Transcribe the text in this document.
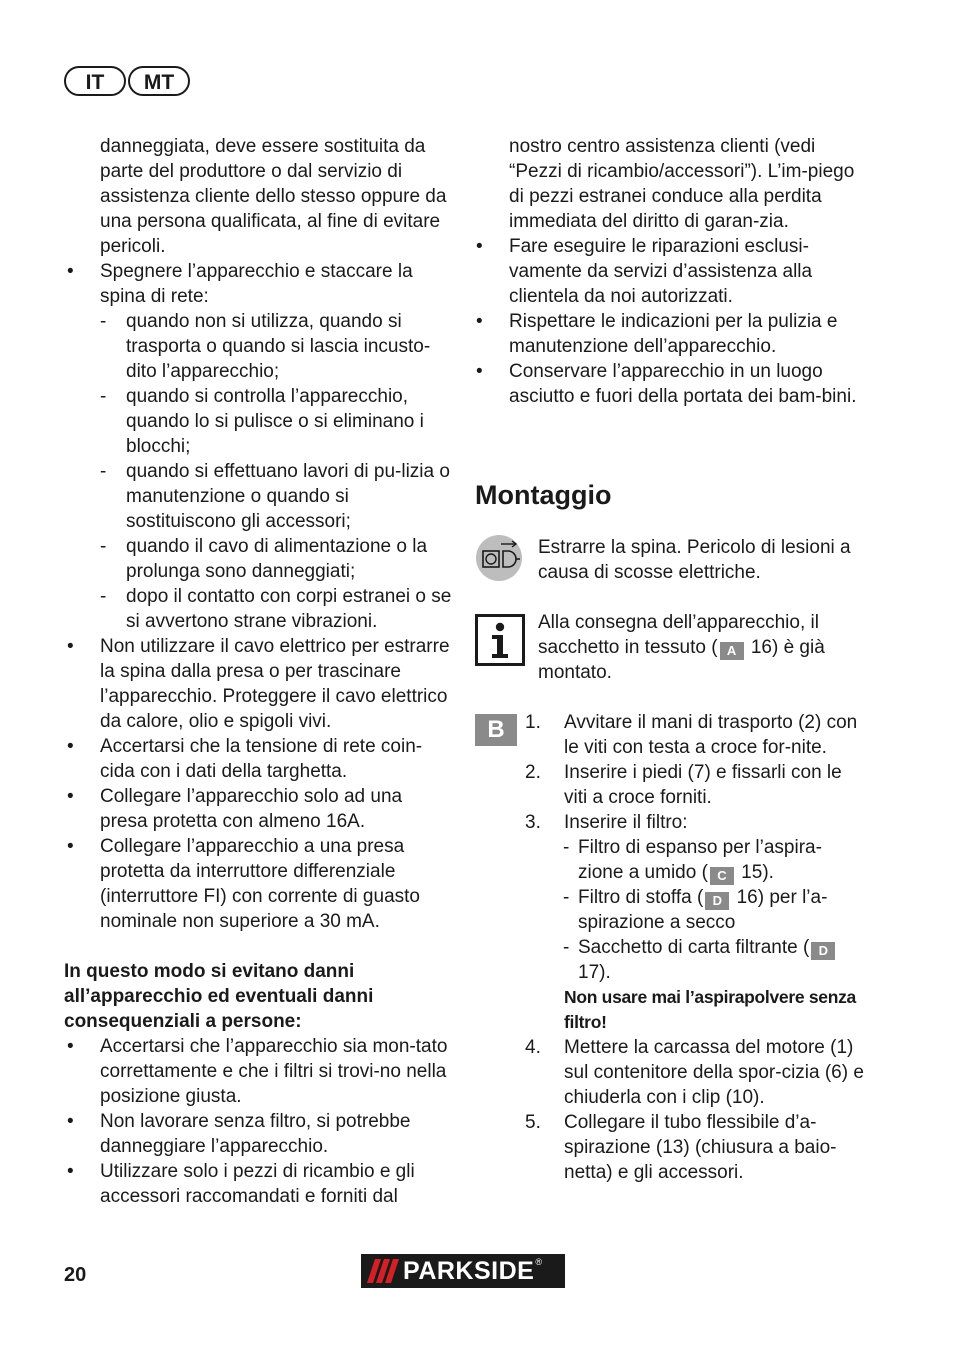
IT	MT

danneggiata, deve essere sostituita da parte del produttore o dal servizio di assistenza cliente dello stesso oppure da una persona qualificata, al fine di evitare pericoli.

• Spegnere l’apparecchio e staccare la spina di rete:

- quando non si utilizza, quando si trasporta o quando si lascia incusto-dito l’apparecchio;

- quando si controlla l’apparecchio, quando lo si pulisce o si eliminano i blocchi;

- quando si effettuano lavori di pu-lizia o manutenzione o quando si sostituiscono gli accessori;

- quando il cavo di alimentazione o la prolunga sono danneggiati;

- dopo il contatto con corpi estranei o se si avvertono strane vibrazioni.

• Non utilizzare il cavo elettrico per estrarre la spina dalla presa o per trascinare l’apparecchio. Proteggere il cavo elettrico da calore, olio e spigoli vivi.

• Accertarsi che la tensione di rete coin-cida con i dati della targhetta.

• Collegare l’apparecchio solo ad una presa protetta con almeno 16A.

• Collegare l’apparecchio a una presa protetta da interruttore differenziale (interruttore FI) con corrente di guasto nominale non superiore a 30 mA.

In questo modo si evitano danni all’apparecchio ed eventuali danni consequenziali a persone:

• Accertarsi che l’apparecchio sia mon-tato correttamente e che i filtri si trovi-no nella posizione giusta.

• Non lavorare senza filtro, si potrebbe danneggiare l’apparecchio.

• Utilizzare solo i pezzi di ricambio e gli accessori raccomandati e forniti dal

nostro centro assistenza clienti (vedi “Pezzi di ricambio/accessori”). L’im-piego di pezzi estranei conduce alla perdita immediata del diritto di garan-zia.

• Fare eseguire le riparazioni esclusi-vamente da servizi d’assistenza alla clientela da noi autorizzati.

• Rispettare le indicazioni per la pulizia e manutenzione dell’apparecchio.

• Conservare l’apparecchio in un luogo asciutto e fuori della portata dei bam-bini.

Montaggio

Estrarre la spina. Pericolo di lesioni a causa di scosse elettriche.

Alla consegna dell’apparecchio, il sacchetto in tessuto ( A 16) è già montato.

B	1. Avvitare il mani di trasporto (2) con le viti con testa a croce for-nite.

2. Inserire i piedi (7) e fissarli con le viti a croce forniti.

3. Inserire il filtro:

- Filtro di espanso per l’aspira-zione a umido ( C 15).

- Filtro di stoffa ( D 16) per l’a-spirazione a secco

- Sacchetto di carta filtrante ( D 17).

Non usare mai l’aspirapolvere senza filtro!

4. Mettere la carcassa del motore (1) sul contenitore della spor-cizia (6) e chiuderla con i clip (10).

5. Collegare il tubo flessibile d’a-spirazione (13) (chiusura a baio-netta) e gli accessori.

20	PARKSIDE ®
